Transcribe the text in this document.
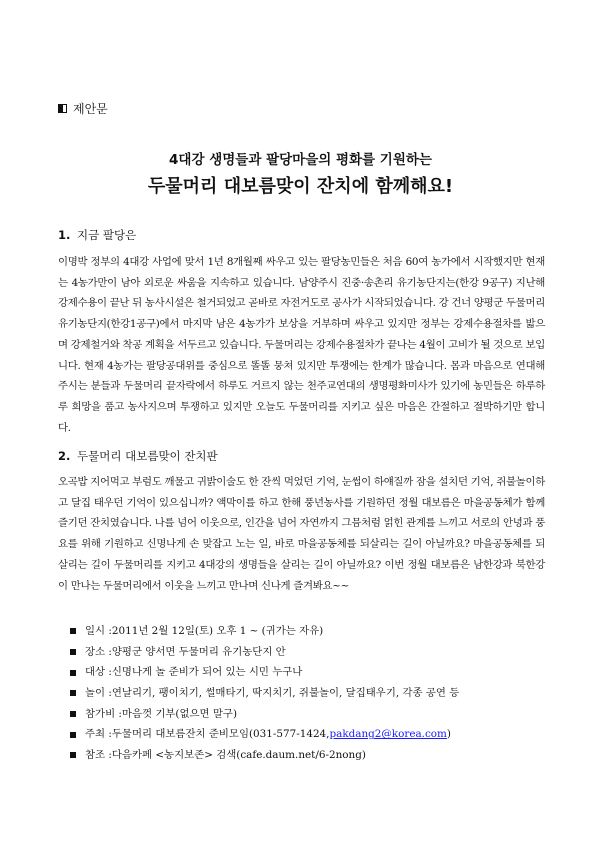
제안문
4대강 생명들과 팔당마을의 평화를 기원하는
두물머리 대보름맞이 잔치에 함께해요!
1. 지금 팔당은

이명박 정부의 4대강 사업에 맞서 1년 8개월째 싸우고 있는 팔당농민들은 처음 60여 농가에서 시작했지만 현재는 4농가만이 남아 외로운 싸움을 지속하고 있습니다. 남양주시 진중·송촌리 유기농단지는(한강 9공구) 지난해 강제수용이 끝난 뒤 농사시설은 철거되었고 곧바로 자전거도로 공사가 시작되었습니다. 강 건너 양평군 두물머리 유기농단지(한강1공구)에서 마지막 남은 4농가가 보상을 거부하며 싸우고 있지만 정부는 강제수용절차를 밟으며 강제철거와 착공 계획을 서두르고 있습니다. 두물머리는 강제수용절차가 끝나는 4월이 고비가 될 것으로 보입니다. 현재 4농가는 팔당공대위를 중심으로 똘똘 뭉쳐 있지만 투쟁에는 한계가 많습니다. 몸과 마음으로 연대해주시는 분들과 두물머리 끝자락에서 하루도 거르지 않는 천주교연대의 생명평화미사가 있기에 농민들은 하루하루 희망을 품고 농사지으며 투쟁하고 있지만 오늘도 두물머리를 지키고 싶은 마음은 간절하고 절박하기만 합니다.

2. 두물머리 대보름맞이 잔치판

오곡밥 지어먹고 부럼도 깨물고 귀밝이술도 한 잔씩 먹었던 기억, 눈썹이 하얘질까 잠을 설치던 기억, 쥐불놀이하고 달집 태우던 기억이 있으십니까? 액막이를 하고 한해 풍년농사를 기원하던 정월 대보름은 마을공동체가 함께 즐기던 잔치였습니다. 나를 넘어 이웃으로, 인간을 넘어 자연까지 그믐처럼 얽힌 관계를 느끼고 서로의 안녕과 풍요를 위해 기원하고 신명나게 손 맞잡고 노는 일, 바로 마을공동체를 되살리는 길이 아닐까요? 마을공동체를 되살리는 길이 두물머리를 지키고 4대강의 생명들을 살리는 길이 아닐까요? 이번 정월 대보름은 남한강과 북한강이 만나는 두물머리에서 이웃을 느끼고 만나며 신나게 즐겨봐요~~

일시 : 2011년 2월 12일(토) 오후 1 ~ (귀가는 자유)
장소 : 양평군 양서면 두물머리 유기농단지 안
대상 : 신명나게 놀 준비가 되어 있는 시민 누구나
놀이 : 연날리기, 팽이치기, 썰매타기, 딱지치기, 쥐불놀이, 달집태우기, 각종 공연 등
참가비 : 마음껏 기부(없으면 말구)
주최 : 두물머리 대보름잔치 준비모임(031-577-1424, pakdang2@korea.com )
참조 : 다음카페 <농지보존> 검색(cafe.daum.net/6-2nong)
